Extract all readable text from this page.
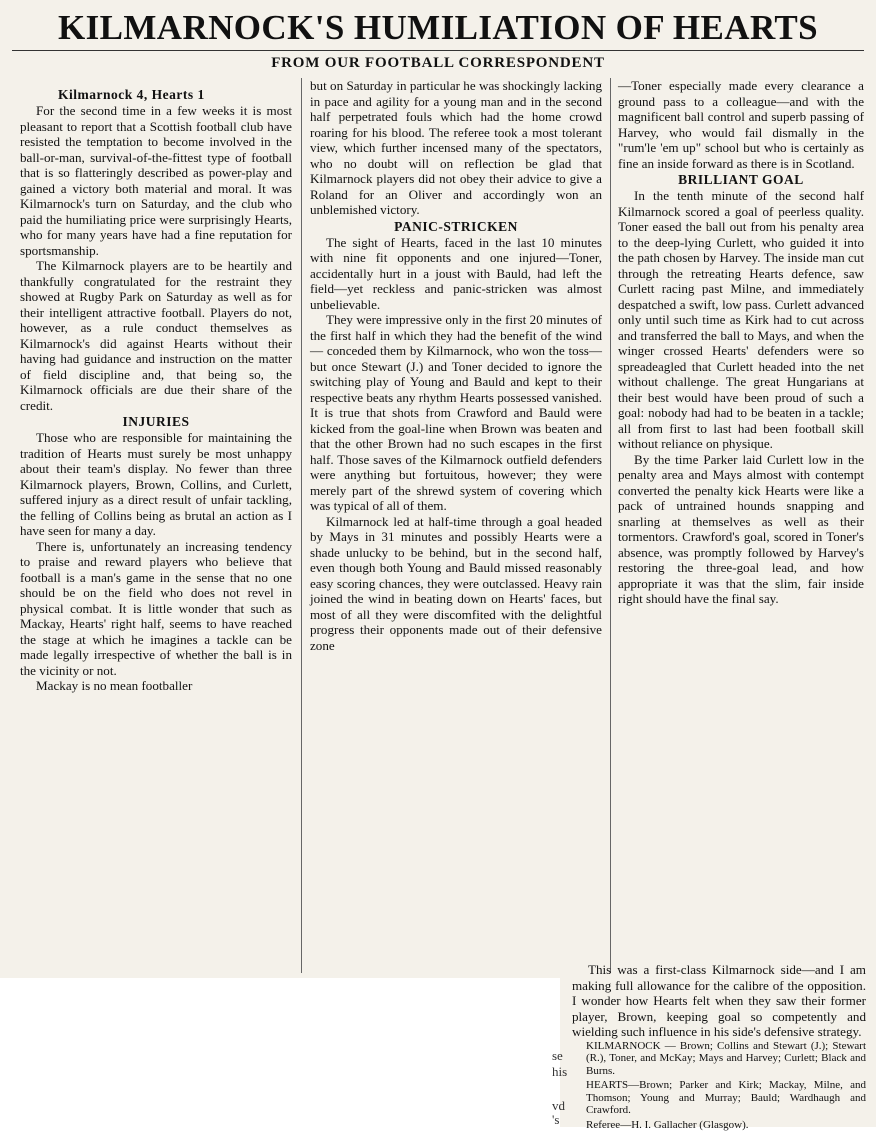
KILMARNOCK'S HUMILIATION OF HEARTS
FROM OUR FOOTBALL CORRESPONDENT
Kilmarnock 4, Hearts 1

For the second time in a few weeks it is most pleasant to report that a Scottish football club have resisted the temptation to become involved in the ball-or-man, survival-of-the-fittest type of football that is so flatteringly described as power-play and gained a victory both material and moral. It was Kilmarnock's turn on Saturday, and the club who paid the humiliating price were surprisingly Hearts, who for many years have had a fine reputation for sportsmanship.

The Kilmarnock players are to be heartily and thankfully congratulated for the restraint they showed at Rugby Park on Saturday as well as for their intelligent attractive football. Players do not, however, as a rule conduct themselves as Kilmarnock's did against Hearts without their having had guidance and instruction on the matter of field discipline and, that being so, the Kilmarnock officials are due their share of the credit.

INJURIES

Those who are responsible for maintaining the tradition of Hearts must surely be most unhappy about their team's display. No fewer than three Kilmarnock players, Brown, Collins, and Curlett, suffered injury as a direct result of unfair tackling, the felling of Collins being as brutal an action as I have seen for many a day.

There is, unfortunately an increasing tendency to praise and reward players who believe that football is a man's game in the sense that no one should be on the field who does not revel in physical combat. It is little wonder that such as Mackay, Hearts' right half, seems to have reached the stage at which he imagines a tackle can be made legally irrespective of whether the ball is in the vicinity or not.

Mackay is no mean footballer

but on Saturday in particular he was shockingly lacking in pace and agility for a young man and in the second half perpetrated fouls which had the home crowd roaring for his blood. The referee took a most tolerant view, which further incensed many of the spectators, who no doubt will on reflection be glad that Kilmarnock players did not obey their advice to give a Roland for an Oliver and accordingly won an unblemished victory.

PANIC-STRICKEN

The sight of Hearts, faced in the last 10 minutes with nine fit opponents and one injured—Toner, accidentally hurt in a joust with Bauld, had left the field—yet reckless and panic-stricken was almost unbelievable.

They were impressive only in the first 20 minutes of the first half in which they had the benefit of the wind — conceded them by Kilmarnock, who won the toss—but once Stewart (J.) and Toner decided to ignore the switching play of Young and Bauld and kept to their respective beats any rhythm Hearts possessed vanished. It is true that shots from Crawford and Bauld were kicked from the goal-line when Brown was beaten and that the other Brown had no such escapes in the first half. Those saves of the Kilmarnock outfield defenders were anything but fortuitous, however; they were merely part of the shrewd system of covering which was typical of all of them.

Kilmarnock led at half-time through a goal headed by Mays in 31 minutes and possibly Hearts were a shade unlucky to be behind, but in the second half, even though both Young and Bauld missed reasonably easy scoring chances, they were outclassed. Heavy rain joined the wind in beating down on Hearts' faces, but most of all they were discomfited with the delightful progress their opponents made out of their defensive zone

—Toner especially made every clearance a ground pass to a colleague—and with the magnificent ball control and superb passing of Harvey, who would fail dismally in the "rum'le 'em up" school but who is certainly as fine an inside forward as there is in Scotland.

BRILLIANT GOAL

In the tenth minute of the second half Kilmarnock scored a goal of peerless quality. Toner eased the ball out from his penalty area to the deep-lying Curlett, who guided it into the path chosen by Harvey. The inside man cut through the retreating Hearts defence, saw Curlett racing past Milne, and immediately despatched a swift, low pass. Curlett advanced only until such time as Kirk had to cut across and transferred the ball to Mays, and when the winger crossed Hearts' defenders were so spreadeagled that Curlett headed into the net without challenge. The great Hungarians at their best would have been proud of such a goal: nobody had had to be beaten in a tackle; all from first to last had been football skill without reliance on physique.

By the time Parker laid Curlett low in the penalty area and Mays almost with contempt converted the penalty kick Hearts were like a pack of untrained hounds snapping and snarling at themselves as well as their tormentors. Crawford's goal, scored in Toner's absence, was promptly followed by Harvey's restoring the three-goal lead, and how appropriate it was that the slim, fair inside right should have the final say.

This was a first-class Kilmarnock side—and I am making full allowance for the calibre of the opposition. I wonder how Hearts felt when they saw their former player, Brown, keeping goal so competently and wielding such influence in his side's defensive strategy.

KILMARNOCK — Brown; Collins and Stewart (J.); Stewart (R.), Toner, and McKay; Mays and Harvey; Curlett; Black and Burns.

HEARTS—Brown; Parker and Kirk; Mackay, Milne, and Thomson; Young and Murray; Bauld; Wardhaugh and Crawford.

Referee—H. I. Gallacher (Glasgow).

se
his
vd
's
